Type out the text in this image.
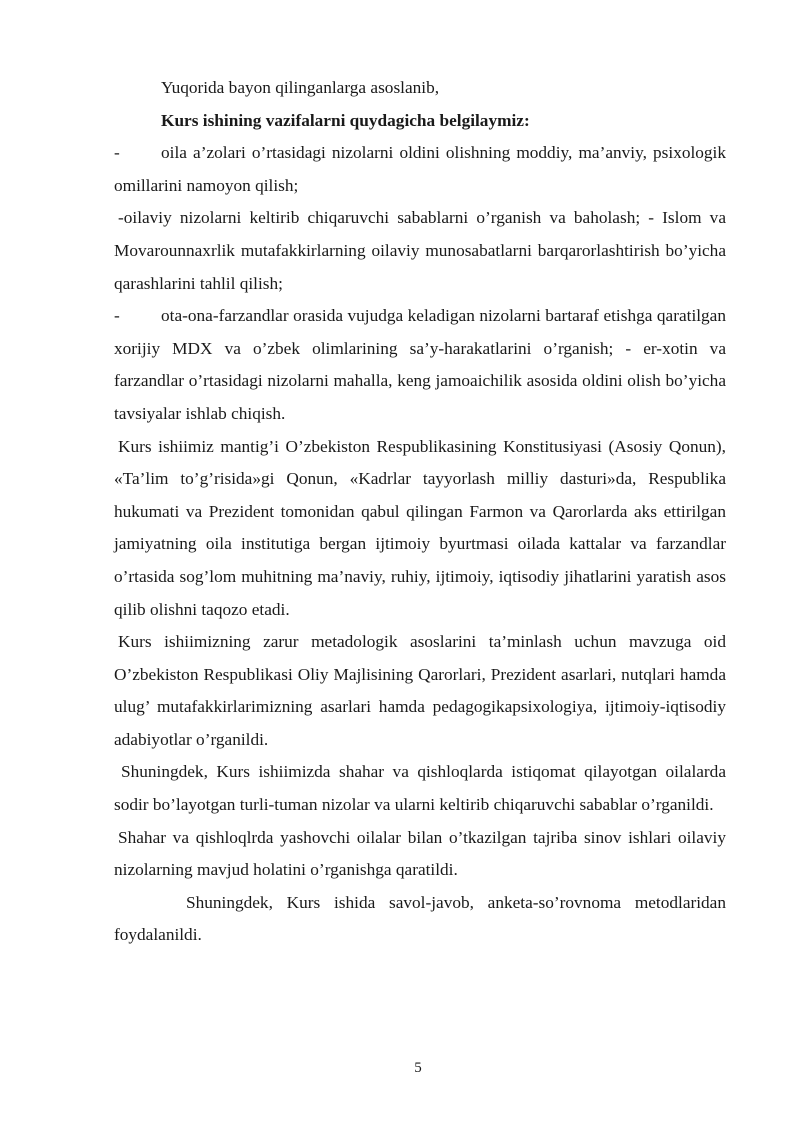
Yuqorida bayon qilinganlarga asoslanib,

Kurs ishining vazifalarni quydagicha belgilaymiz:

- oila a’zolari o’rtasidagi nizolarni oldini olishning moddiy, ma’anviy, psixologik omillarini namoyon qilish;

-oilaviy nizolarni keltirib chiqaruvchi sabablarni o’rganish va baholash; - Islom va Movarounnaxrlik mutafakkirlarning oilaviy munosabatlarni barqarorlashtirish bo’yicha qarashlarini tahlil qilish;

- ota-ona-farzandlar orasida vujudga keladigan nizolarni bartaraf etishga qaratilgan xorijiy MDX va o’zbek olimlarining sa’y-harakatlarini o’rganish; - er-xotin va farzandlar o’rtasidagi nizolarni mahalla, keng jamoaichilik asosida oldini olish bo’yicha tavsiyalar ishlab chiqish.

Kurs ishiimiz mantig’i O’zbekiston Respublikasining Konstitusiyasi (Asosiy Qonun), «Ta’lim to’g’risida»gi Qonun, «Kadrlar tayyorlash milliy dasturi»da, Respublika hukumati va Prezident tomonidan qabul qilingan Farmon va Qarorlarda aks ettirilgan jamiyatning oila institutiga bergan ijtimoiy byurtmasi oilada kattalar va farzandlar o’rtasida sog’lom muhitning ma’naviy, ruhiy, ijtimoiy, iqtisodiy jihatlarini yaratish asos qilib olishni taqozo etadi.

Kurs ishiimizning zarur metadologik asoslarini ta’minlash uchun mavzuga oid O’zbekiston Respublikasi Oliy Majlisining Qarorlari, Prezident asarlari, nutqlari hamda ulug’ mutafakkirlarimizning asarlari hamda pedagogikapsixologiya, ijtimoiy-iqtisodiy adabiyotlar o’rganildi.

Shuningdek, Kurs ishiimizda shahar va qishloqlarda istiqomat qilayotgan oilalarda sodir bo’layotgan turli-tuman nizolar va ularni keltirib chiqaruvchi sabablar o’rganildi.

Shahar va qishloqlrda yashovchi oilalar bilan o’tkazilgan tajriba sinov ishlari oilaviy nizolarning mavjud holatini o’rganishga qaratildi.

Shuningdek, Kurs ishida savol-javob, anketa-so’rovnoma metodlaridan foydalanildi.

5
